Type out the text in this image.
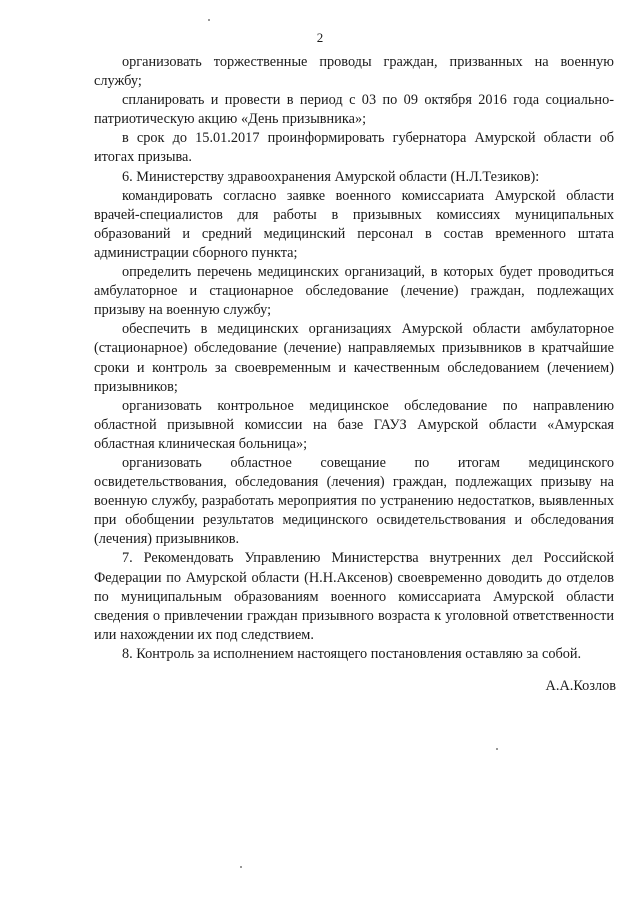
2

организовать торжественные проводы граждан, призванных на военную службу;

спланировать и провести в период с 03 по 09 октября 2016 года социально-патриотическую акцию «День призывника»;

в срок до 15.01.2017 проинформировать губернатора Амурской области об итогах призыва.

6. Министерству здравоохранения Амурской области (Н.Л.Тезиков):

командировать согласно заявке военного комиссариата Амурской области врачей-специалистов для работы в призывных комиссиях муниципальных образований и средний медицинский персонал в состав временного штата администрации сборного пункта;

определить перечень медицинских организаций, в которых будет проводиться амбулаторное и стационарное обследование (лечение) граждан, подлежащих призыву на военную службу;

обеспечить в медицинских организациях Амурской области амбулаторное (стационарное) обследование (лечение) направляемых призывников в кратчайшие сроки и контроль за своевременным и качественным обследованием (лечением) призывников;

организовать контрольное медицинское обследование по направлению областной призывной комиссии на базе ГАУЗ Амурской области «Амурская областная клиническая больница»;

организовать областное совещание по итогам медицинского освидетельствования, обследования (лечения) граждан, подлежащих призыву на военную службу, разработать мероприятия по устранению недостатков, выявленных при обобщении результатов медицинского освидетельствования и обследования (лечения) призывников.

7. Рекомендовать Управлению Министерства внутренних дел Российской Федерации по Амурской области (Н.Н.Аксенов) своевременно доводить до отделов по муниципальным образованиям военного комиссариата Амурской области сведения о привлечении граждан призывного возраста к уголовной ответственности или нахождении их под следствием.

8. Контроль за исполнением настоящего постановления оставляю за собой.

А.А.Козлов
